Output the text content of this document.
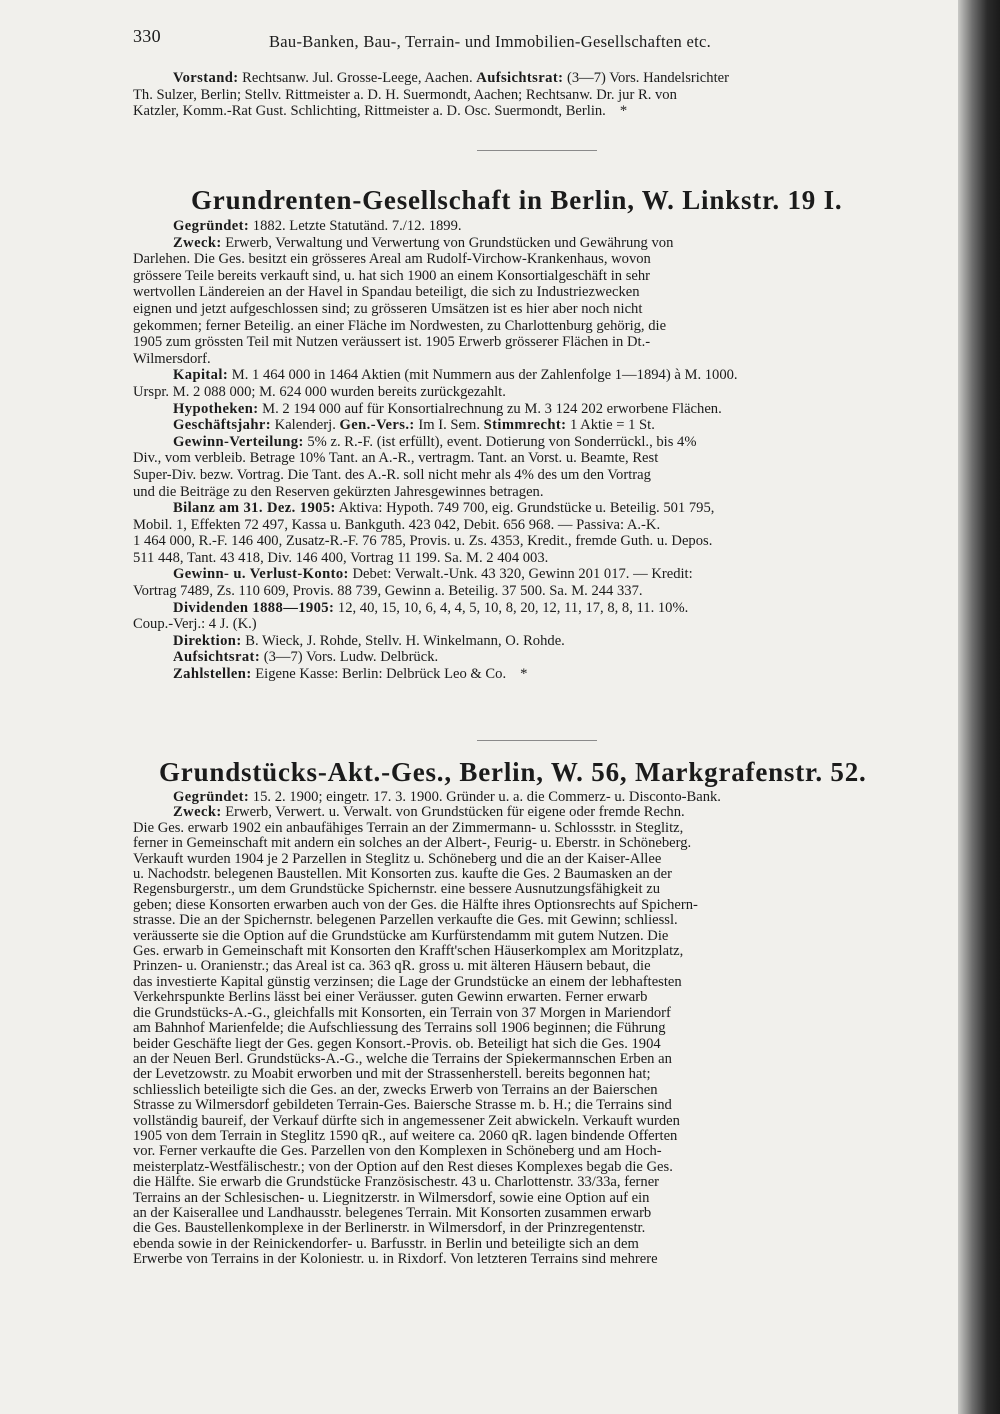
330	Bau-Banken, Bau-, Terrain- und Immobilien-Gesellschaften etc.
Vorstand: Rechtsanw. Jul. Grosse-Leege, Aachen. Aufsichtsrat: (3—7) Vors. Handelsrichter
Th. Sulzer, Berlin; Stellv. Rittmeister a. D. H. Suermondt, Aachen; Rechtsanw. Dr. jur R. von
Katzler, Komm.-Rat Gust. Schlichting, Rittmeister a. D. Osc. Suermondt, Berlin. *
Grundrenten-Gesellschaft in Berlin, W. Linkstr. 19 I.
Gegründet: 1882. Letzte Statutänd. 7./12. 1899.
Zweck: Erwerb, Verwaltung und Verwertung von Grundstücken und Gewährung von
Darlehen. Die Ges. besitzt ein grösseres Areal am Rudolf-Virchow-Krankenhaus, wovon
grössere Teile bereits verkauft sind, u. hat sich 1900 an einem Konsortialgeschäft in sehr
wertvollen Ländereien an der Havel in Spandau beteiligt, die sich zu Industriezwecken
eignen und jetzt aufgeschlossen sind; zu grösseren Umsätzen ist es hier aber noch nicht
gekommen; ferner Beteilig. an einer Fläche im Nordwesten, zu Charlottenburg gehörig, die
1905 zum grössten Teil mit Nutzen veräussert ist. 1905 Erwerb grösserer Flächen in Dt.-
Wilmersdorf.
Kapital: M. 1 464 000 in 1464 Aktien (mit Nummern aus der Zahlenfolge 1—1894) à M. 1000.
Urspr. M. 2 088 000; M. 624 000 wurden bereits zurückgezahlt.
Hypotheken: M. 2 194 000 auf für Konsortialrechnung zu M. 3 124 202 erworbene Flächen.
Geschäftsjahr: Kalenderj. Gen.-Vers.: Im I. Sem. Stimmrecht: 1 Aktie = 1 St.
Gewinn-Verteilung: 5% z. R.-F. (ist erfüllt), event. Dotierung von Sonderrückl., bis 4%
Div., vom verbleib. Betrage 10% Tant. an A.-R., vertragm. Tant. an Vorst. u. Beamte, Rest
Super-Div. bezw. Vortrag. Die Tant. des A.-R. soll nicht mehr als 4% des um den Vortrag
und die Beiträge zu den Reserven gekürzten Jahresgewinnes betragen.
Bilanz am 31. Dez. 1905: Aktiva: Hypoth. 749 700, eig. Grundstücke u. Beteilig. 501 795,
Mobil. 1, Effekten 72 497, Kassa u. Bankguth. 423 042, Debit. 656 968. — Passiva: A.-K.
1 464 000, R.-F. 146 400, Zusatz-R.-F. 76 785, Provis. u. Zs. 4353, Kredit., fremde Guth. u. Depos.
511 448, Tant. 43 418, Div. 146 400, Vortrag 11 199. Sa. M. 2 404 003.
Gewinn- u. Verlust-Konto: Debet: Verwalt.-Unk. 43 320, Gewinn 201 017. — Kredit:
Vortrag 7489, Zs. 110 609, Provis. 88 739, Gewinn a. Beteilig. 37 500. Sa. M. 244 337.
Dividenden 1888—1905: 12, 40, 15, 10, 6, 4, 4, 5, 10, 8, 20, 12, 11, 17, 8, 8, 11. 10%.
Coup.-Verj.: 4 J. (K.)
Direktion: B. Wieck, J. Rohde, Stellv. H. Winkelmann, O. Rohde.
Aufsichtsrat: (3—7) Vors. Ludw. Delbrück.
Zahlstellen: Eigene Kasse: Berlin: Delbrück Leo & Co. *
Grundstücks-Akt.-Ges., Berlin, W. 56, Markgrafenstr. 52.
Gegründet: 15. 2. 1900; eingetr. 17. 3. 1900. Gründer u. a. die Commerz- u. Disconto-Bank.
Zweck: Erwerb, Verwert. u. Verwalt. von Grundstücken für eigene oder fremde Rechn.
Die Ges. erwarb 1902 ein anbaufähiges Terrain an der Zimmermann- u. Schlossstr. in Steglitz,
ferner in Gemeinschaft mit andern ein solches an der Albert-, Feurig- u. Eberstr. in Schöneberg.
Verkauft wurden 1904 je 2 Parzellen in Steglitz u. Schöneberg und die an der Kaiser-Allee
u. Nachodstr. belegenen Baustellen. Mit Konsorten zus. kaufte die Ges. 2 Baumasken an der
Regensburgerstr., um dem Grundstücke Spichernstr. eine bessere Ausnutzungsfähigkeit zu
geben; diese Konsorten erwarben auch von der Ges. die Hälfte ihres Optionsrechts auf Spichern-
strasse. Die an der Spichernstr. belegenen Parzellen verkaufte die Ges. mit Gewinn; schliessl.
veräusserte sie die Option auf die Grundstücke am Kurfürstendamm mit gutem Nutzen. Die
Ges. erwarb in Gemeinschaft mit Konsorten den Krafft'schen Häuserkomplex am Moritzplatz,
Prinzen- u. Oranienstr.; das Areal ist ca. 363 qR. gross u. mit älteren Häusern bebaut, die
das investierte Kapital günstig verzinsen; die Lage der Grundstücke an einem der lebhaftesten
Verkehrspunkte Berlins lässt bei einer Veräusser. guten Gewinn erwarten. Ferner erwarb
die Grundstücks-A.-G., gleichfalls mit Konsorten, ein Terrain von 37 Morgen in Mariendorf
am Bahnhof Marienfelde; die Aufschliessung des Terrains soll 1906 beginnen; die Führung
beider Geschäfte liegt der Ges. gegen Konsort.-Provis. ob. Beteiligt hat sich die Ges. 1904
an der Neuen Berl. Grundstücks-A.-G., welche die Terrains der Spiekermannschen Erben an
der Levetzowstr. zu Moabit erworben und mit der Strassenherstell. bereits begonnen hat;
schliesslich beteiligte sich die Ges. an der, zwecks Erwerb von Terrains an der Baierschen
Strasse zu Wilmersdorf gebildeten Terrain-Ges. Baiersche Strasse m. b. H.; die Terrains sind
vollständig baureif, der Verkauf dürfte sich in angemessener Zeit abwickeln. Verkauft wurden
1905 von dem Terrain in Steglitz 1590 qR., auf weitere ca. 2060 qR. lagen bindende Offerten
vor. Ferner verkaufte die Ges. Parzellen von den Komplexen in Schöneberg und am Hoch-
meisterplatz-Westfälischestr.; von der Option auf den Rest dieses Komplexes begab die Ges.
die Hälfte. Sie erwarb die Grundstücke Französischestr. 43 u. Charlottenstr. 33/33a, ferner
Terrains an der Schlesischen- u. Liegnitzerstr. in Wilmersdorf, sowie eine Option auf ein
an der Kaiserallee und Landhausstr. belegenes Terrain. Mit Konsorten zusammen erwarb
die Ges. Baustellenkomplexe in der Berlinerstr. in Wilmersdorf, in der Prinzregentenstr.
ebenda sowie in der Reinickendorfer- u. Barfusstr. in Berlin und beteiligte sich an dem
Erwerbe von Terrains in der Koloniestr. u. in Rixdorf. Von letzteren Terrains sind mehrere
